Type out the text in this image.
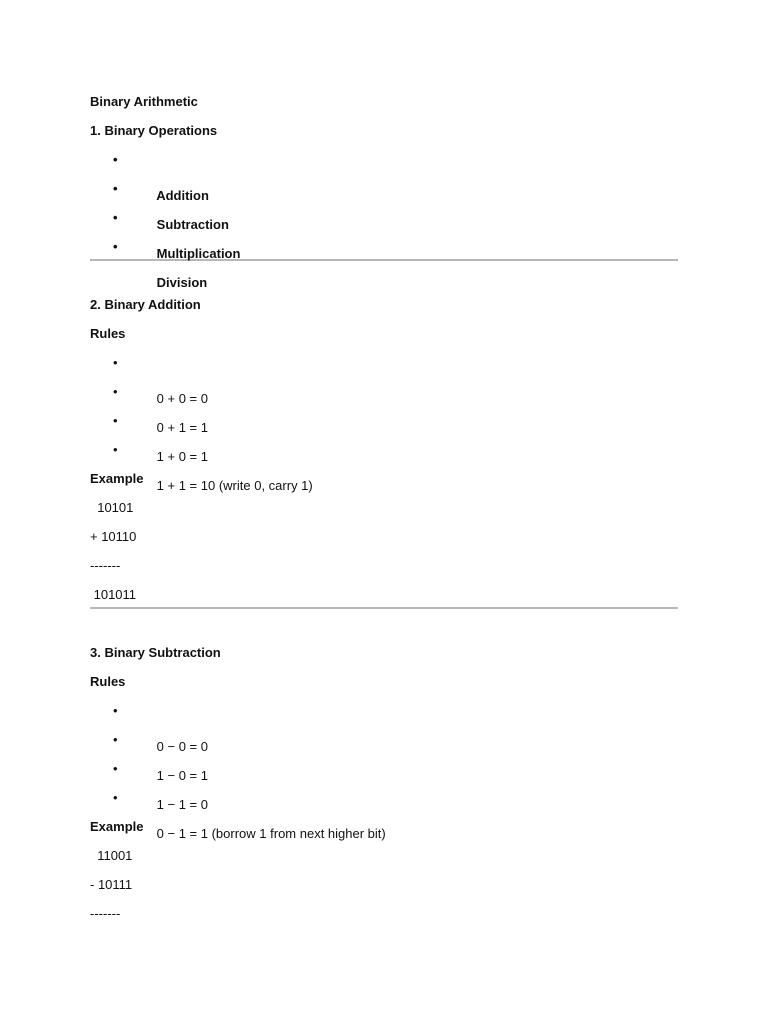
Binary Arithmetic
1. Binary Operations

•

Addition

•

Subtraction

•

Multiplication

•

Division

2. Binary Addition
Rules

•

0 + 0 = 0

•

0 + 1 = 1

•

1 + 0 = 1

•

1 + 1 = 10 (write 0, carry 1)

Example
10101
+ 10110
-------
101011
3. Binary Subtraction
Rules

•

0 − 0 = 0

•

1 − 0 = 1

•

1 − 1 = 0

•

0 − 1 = 1 (borrow 1 from next higher bit)

Example
11001
- 10111
-------
